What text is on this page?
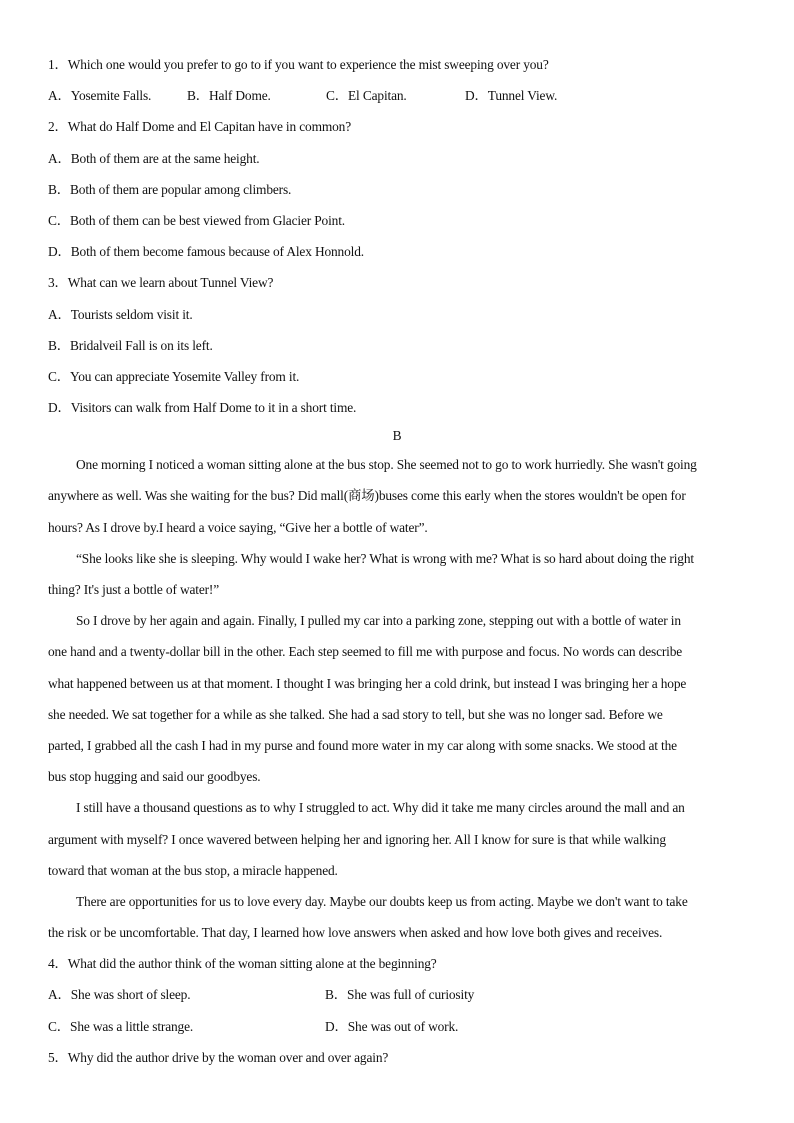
1．Which one would you prefer to go to if you want to experience the mist sweeping over you?
A．Yosemite Falls.	B．Half Dome.	C．El Capitan.	D．Tunnel View.
2．What do Half Dome and El Capitan have in common?
A．Both of them are at the same height.
B．Both of them are popular among climbers.
C．Both of them can be best viewed from Glacier Point.
D．Both of them become famous because of Alex Honnold.
3．What can we learn about Tunnel View?
A．Tourists seldom visit it.
B．Bridalveil Fall is on its left.
C．You can appreciate Yosemite Valley from it.
D．Visitors can walk from Half Dome to it in a short time.
B
One morning I noticed a woman sitting alone at the bus stop. She seemed not to go to work hurriedly. She wasn't going
anywhere as well. Was she waiting for the bus? Did mall(商场)buses come this early when the stores wouldn't be open for
hours? As I drove by.I heard a voice saying, “Give her a bottle of water”.
“She looks like she is sleeping. Why would I wake her? What is wrong with me? What is so hard about doing the right
thing? It's just a bottle of water!”
So I drove by her again and again. Finally, I pulled my car into a parking zone, stepping out with a bottle of water in
one hand and a twenty-dollar bill in the other. Each step seemed to fill me with purpose and focus. No words can describe
what happened between us at that moment. I thought I was bringing her a cold drink, but instead I was bringing her a hope
she needed. We sat together for a while as she talked. She had a sad story to tell, but she was no longer sad. Before we
parted, I grabbed all the cash I had in my purse and found more water in my car along with some snacks. We stood at the
bus stop hugging and said our goodbyes.
I still have a thousand questions as to why I struggled to act. Why did it take me many circles around the mall and an
argument with myself? I once wavered between helping her and ignoring her. All I know for sure is that while walking
toward that woman at the bus stop, a miracle happened.
There are opportunities for us to love every day. Maybe our doubts keep us from acting. Maybe we don't want to take
the risk or be uncomfortable. That day, I learned how love answers when asked and how love both gives and receives.
4．What did the author think of the woman sitting alone at the beginning?
A．She was short of sleep.	B．She was full of curiosity
C．She was a little strange.	D．She was out of work.
5．Why did the author drive by the woman over and over again?
